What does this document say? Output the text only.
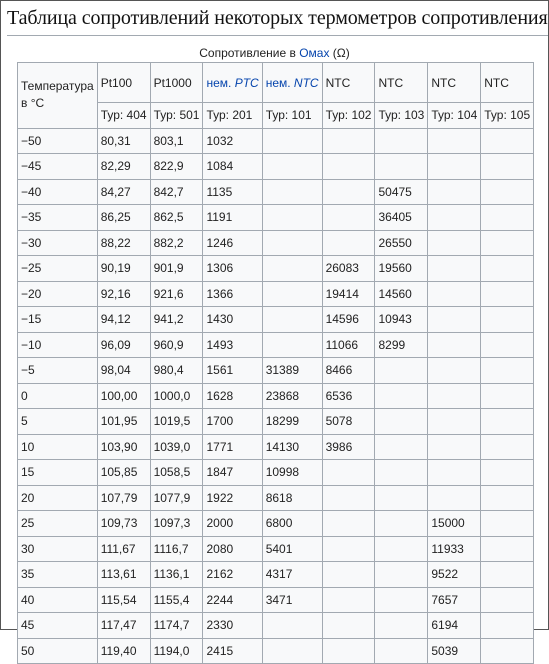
Таблица сопротивлений некоторых термометров сопротивления
Сопротивление в Омах (Ω)
Температура в °C	Pt100	Pt1000	нем. PTC	нем. NTC	NTC	NTC	NTC	NTC
	Тур: 404	Тур: 501	Тур: 201	Тур: 101	Тур: 102	Тур: 103	Тур: 104	Тур: 105
−50	80,31	803,1	1032					
−45	82,29	822,9	1084					
−40	84,27	842,7	1135			50475		
−35	86,25	862,5	1191			36405		
−30	88,22	882,2	1246			26550		
−25	90,19	901,9	1306		26083	19560		
−20	92,16	921,6	1366		19414	14560		
−15	94,12	941,2	1430		14596	10943		
−10	96,09	960,9	1493		11066	8299		
−5	98,04	980,4	1561	31389	8466			
0	100,00	1000,0	1628	23868	6536			
5	101,95	1019,5	1700	18299	5078			
10	103,90	1039,0	1771	14130	3986			
15	105,85	1058,5	1847	10998				
20	107,79	1077,9	1922	8618				
25	109,73	1097,3	2000	6800			15000	
30	111,67	1116,7	2080	5401			11933	
35	113,61	1136,1	2162	4317			9522	
40	115,54	1155,4	2244	3471			7657	
45	117,47	1174,7	2330				6194	
50	119,40	1194,0	2415				5039	
